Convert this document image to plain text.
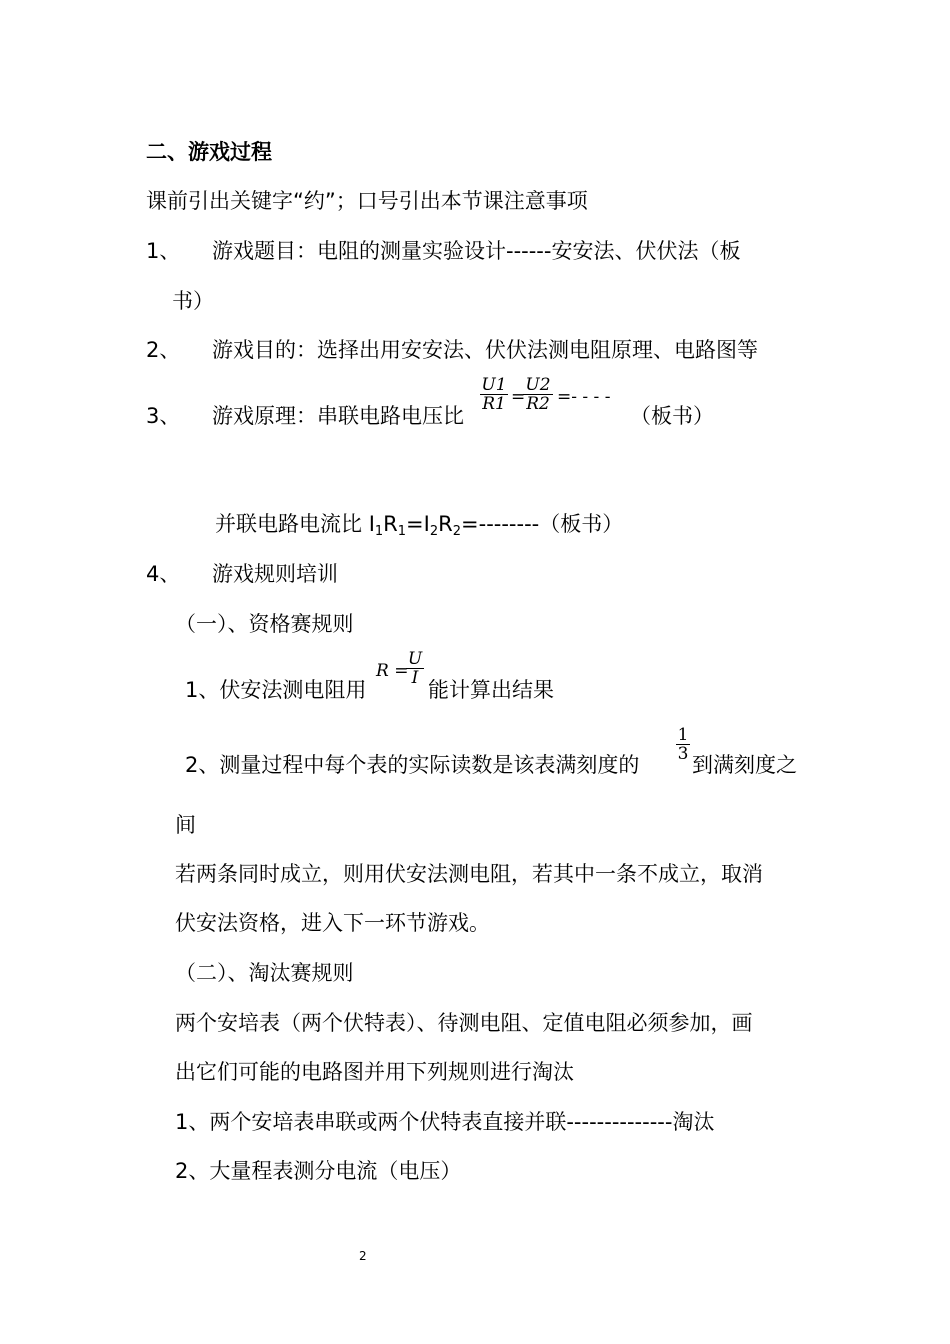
二、游戏过程
课前引出关键字“约”；口号引出本节课注意事项
1、 游戏题目：电阻的测量实验设计------安安法、伏伏法（板
书）
2、 游戏目的：选择出用安安法、伏伏法测电阻原理、电路图等
3、 游戏原理：串联电路电压比
$\frac{U1}{R1}$ =
$\frac{U2}{R2}$ =- - - -
（板书）
并联电路电流比 $I_1R_1=I_2R_2=--------$（板书）
4、 游戏规则培训
（一）、资格赛规则
1、伏安法测电阻用
R =
$\frac{U}{I}$
能计算出结果
2、测量过程中每个表的实际读数是该表满刻度的
$\frac{1}{3}$
到满刻度之
间
若两条同时成立，则用伏安法测电阻，若其中一条不成立，取消
伏安法资格，进入下一环节游戏。
（二）、淘汰赛规则
两个安培表（两个伏特表）、待测电阻、定值电阻必须参加，画
出它们可能的电路图并用下列规则进行淘汰
1、两个安培表串联或两个伏特表直接并联--------------淘汰
2、大量程表测分电流（电压）
2
